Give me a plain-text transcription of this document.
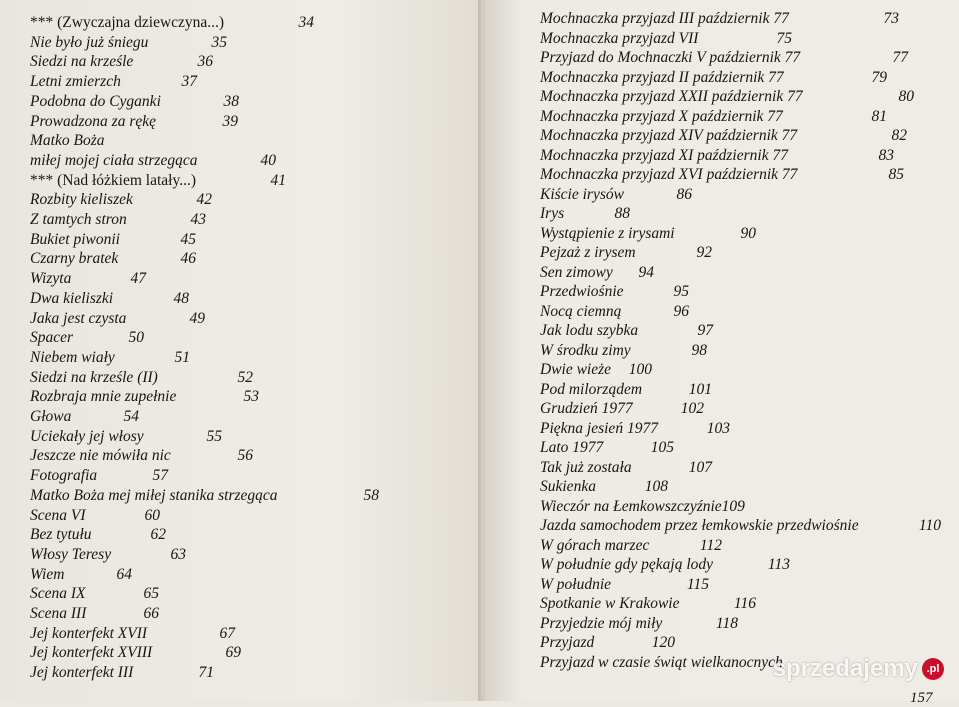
·
*** (Zwyczajna dziewczyna...)	34
Nie było już śniegu	35
Siedzi na krześle	36
Letni zmierzch	37
Podobna do Cyganki	38
Prowadzona za rękę	39
Matko Boża
miłej mojej ciała strzegąca	40
*** (Nad łóżkiem latały...)	41
Rozbity kieliszek	42
Z tamtych stron	43
Bukiet piwonii	45
Czarny bratek	46
Wizyta	47
Dwa kieliszki	48
Jaka jest czysta	49
Spacer	50
Niebem wiały	51
Siedzi na krześle (II)	52
Rozbraja mnie zupełnie	53
Głowa	54
Uciekały jej włosy	55
Jeszcze nie mówiła nic	56
Fotografia	57
Matko Boża mej miłej stanika strzegąca	58
Scena VI	60
Bez tytułu	62
Włosy Teresy	63
Wiem	64
Scena IX	65
Scena III	66
Jej konterfekt XVII	67
Jej konterfekt XVIII	69
Jej konterfekt III	71
Mochnaczka przyjazd III październik 77	73
Mochnaczka przyjazd VII	75
Przyjazd do Mochnaczki V październik 77	77
Mochnaczka przyjazd II październik 77	79
Mochnaczka przyjazd XXII październik 77	80
Mochnaczka przyjazd X październik 77	81
Mochnaczka przyjazd XIV październik 77	82
Mochnaczka przyjazd XI październik 77	83
Mochnaczka przyjazd XVI październik 77	85
Kiście irysów	86
Irys	88
Wystąpienie z irysami	90
Pejzaż z irysem	92
Sen zimowy 94
Przedwiośnie	95
Nocą ciemną	96
Jak lodu szybka	97
W środku zimy	98
Dwie wieże 100
Pod milorządem	101
Grudzień 1977	102
Piękna jesień 1977	103
Lato 1977	105
Tak już została	107
Sukienka	108
Wieczór na Łemkowszczyźnie 109
Jazda samochodem przez łemkowskie przedwiośnie	110
W górach marzec	112
W południe gdy pękają lody	113
W południe	115
Spotkanie w Krakowie	116
Przyjedzie mój miły	118
Przyjazd	120
Przyjazd w czasie świąt wielkanocnych
157
sprzedajemy .pl
